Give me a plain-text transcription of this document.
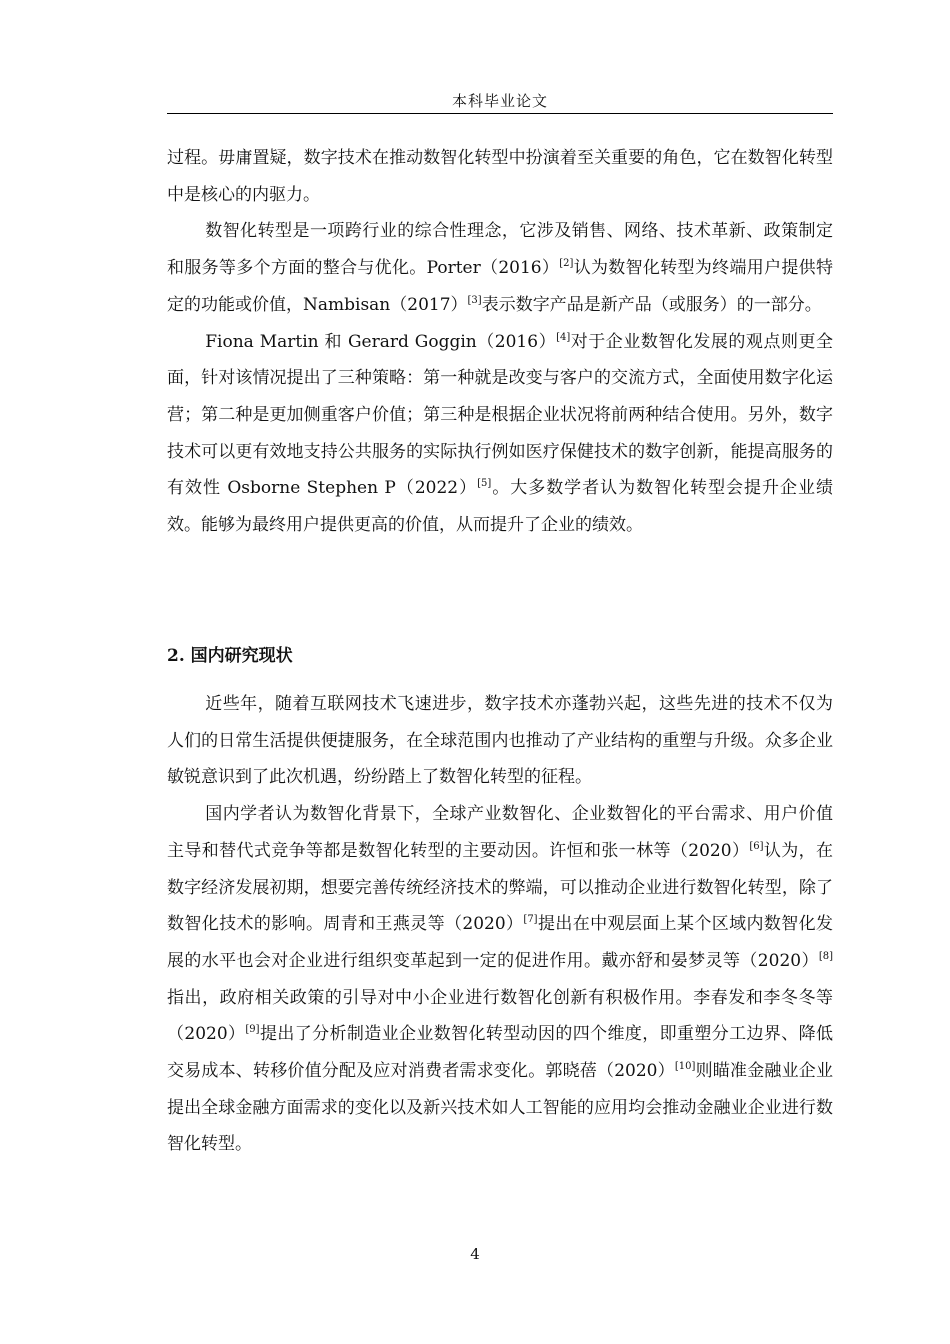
本科毕业论文

过程。毋庸置疑，数字技术在推动数智化转型中扮演着至关重要的角色，它在数智化转型中是核心的内驱力。

数智化转型是一项跨行业的综合性理念，它涉及销售、网络、技术革新、政策制定和服务等多个方面的整合与优化。Porter（2016）[2]认为数智化转型为终端用户提供特定的功能或价值，Nambisan（2017）[3]表示数字产品是新产品（或服务）的一部分。

Fiona Martin 和 Gerard Goggin（2016）[4]对于企业数智化发展的观点则更全面，针对该情况提出了三种策略：第一种就是改变与客户的交流方式，全面使用数字化运营；第二种是更加侧重客户价值；第三种是根据企业状况将前两种结合使用。另外，数字技术可以更有效地支持公共服务的实际执行例如医疗保健技术的数字创新，能提高服务的有效性 Osborne Stephen P（2022）[5]。大多数学者认为数智化转型会提升企业绩效。能够为最终用户提供更高的价值，从而提升了企业的绩效。

2. 国内研究现状

近些年，随着互联网技术飞速进步，数字技术亦蓬勃兴起，这些先进的技术不仅为人们的日常生活提供便捷服务，在全球范围内也推动了产业结构的重塑与升级。众多企业敏锐意识到了此次机遇，纷纷踏上了数智化转型的征程。

国内学者认为数智化背景下，全球产业数智化、企业数智化的平台需求、用户价值主导和替代式竞争等都是数智化转型的主要动因。许恒和张一林等（2020）[6]认为，在数字经济发展初期，想要完善传统经济技术的弊端，可以推动企业进行数智化转型，除了数智化技术的影响。周青和王燕灵等（2020）[7]提出在中观层面上某个区域内数智化发展的水平也会对企业进行组织变革起到一定的促进作用。戴亦舒和晏梦灵等（2020）[8]指出，政府相关政策的引导对中小企业进行数智化创新有积极作用。李春发和李冬冬等（2020）[9]提出了分析制造业企业数智化转型动因的四个维度，即重塑分工边界、降低交易成本、转移价值分配及应对消费者需求变化。郭晓蓓（2020）[10]则瞄准金融业企业提出全球金融方面需求的变化以及新兴技术如人工智能的应用均会推动金融业企业进行数智化转型。

4
